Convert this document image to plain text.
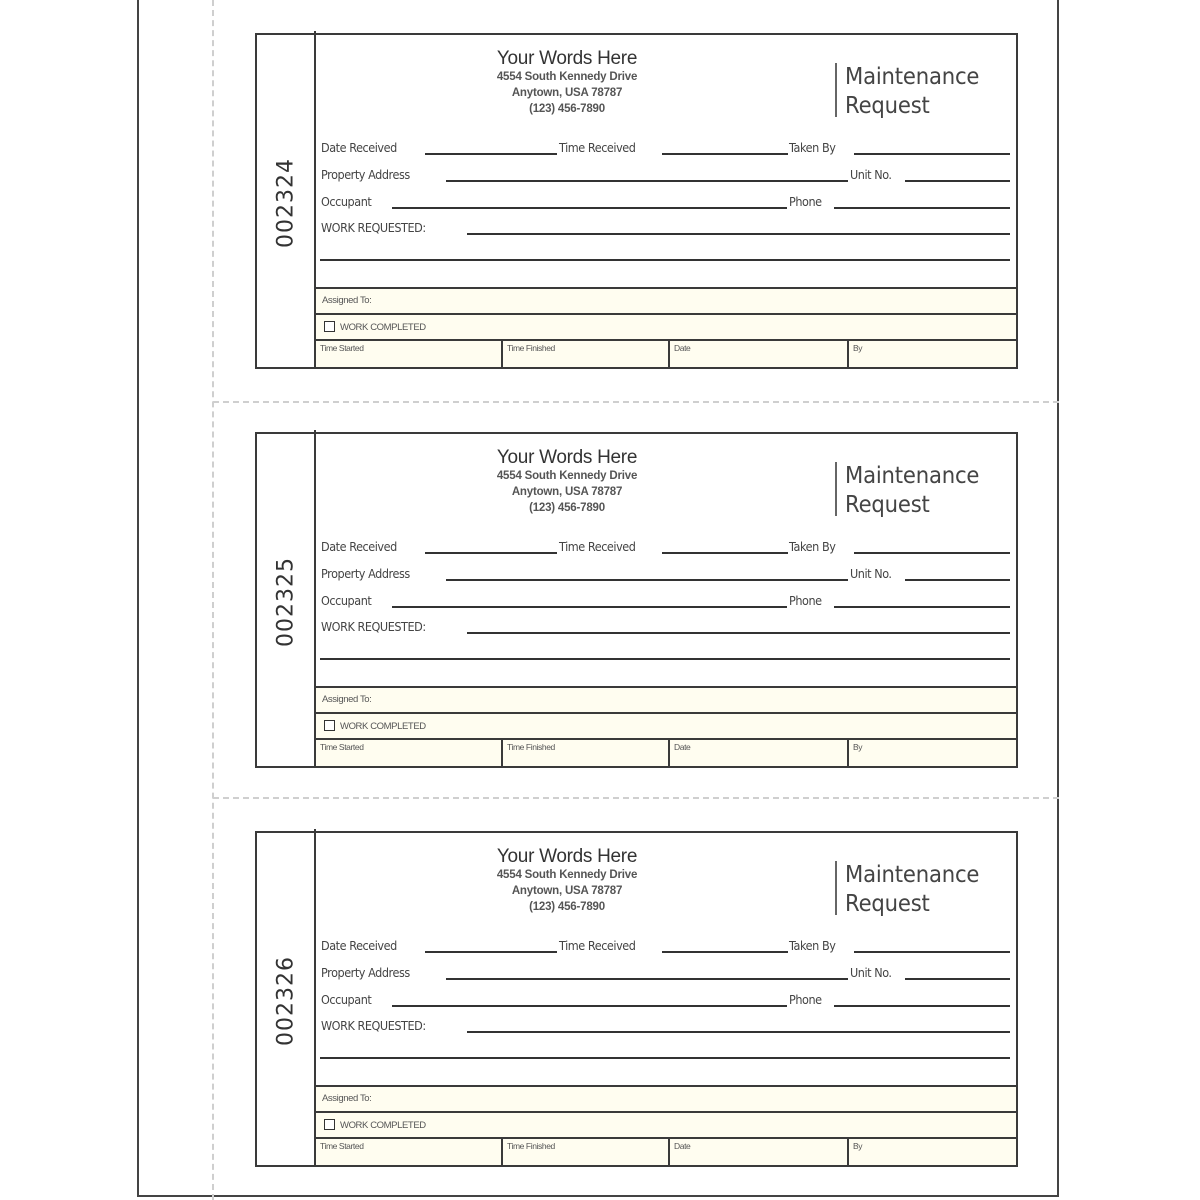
002324
Your Words Here
4554 South Kennedy Drive
Anytown, USA 78787
(123) 456-7890
Maintenance
Request
Date Received	Time Received	Taken By
Property Address	Unit No.
Occupant	Phone
WORK REQUESTED:
Assigned To:
WORK COMPLETED
Time Started	Time Finished	Date	By
002325
Your Words Here
4554 South Kennedy Drive
Anytown, USA 78787
(123) 456-7890
Maintenance
Request
Date Received	Time Received	Taken By
Property Address	Unit No.
Occupant	Phone
WORK REQUESTED:
Assigned To:
WORK COMPLETED
Time Started	Time Finished	Date	By
002326
Your Words Here
4554 South Kennedy Drive
Anytown, USA 78787
(123) 456-7890
Maintenance
Request
Date Received	Time Received	Taken By
Property Address	Unit No.
Occupant	Phone
WORK REQUESTED:
Assigned To:
WORK COMPLETED
Time Started	Time Finished	Date	By
